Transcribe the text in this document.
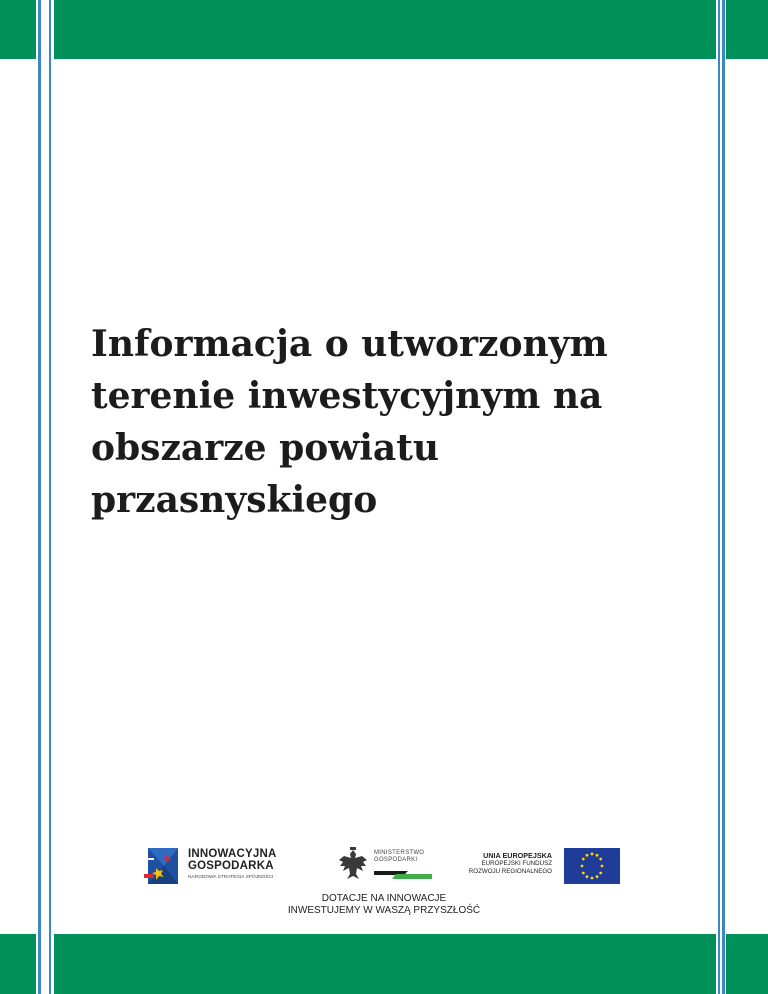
Informacja o utworzonym terenie inwestycyjnym na obszarze powiatu przasnyskiego
INNOWACYJNA
GOSPODARKA
NARODOWA STRATEGIA SPÓJNOŚCI
MINISTERSTWO
GOSPODARKI	UNIA EUROPEJSKA
EUROPEJSKI FUNDUSZ
ROZWOJU REGIONALNEGO
DOTACJE NA INNOWACJE
INWESTUJEMY W WASZĄ PRZYSZŁOŚĆ
